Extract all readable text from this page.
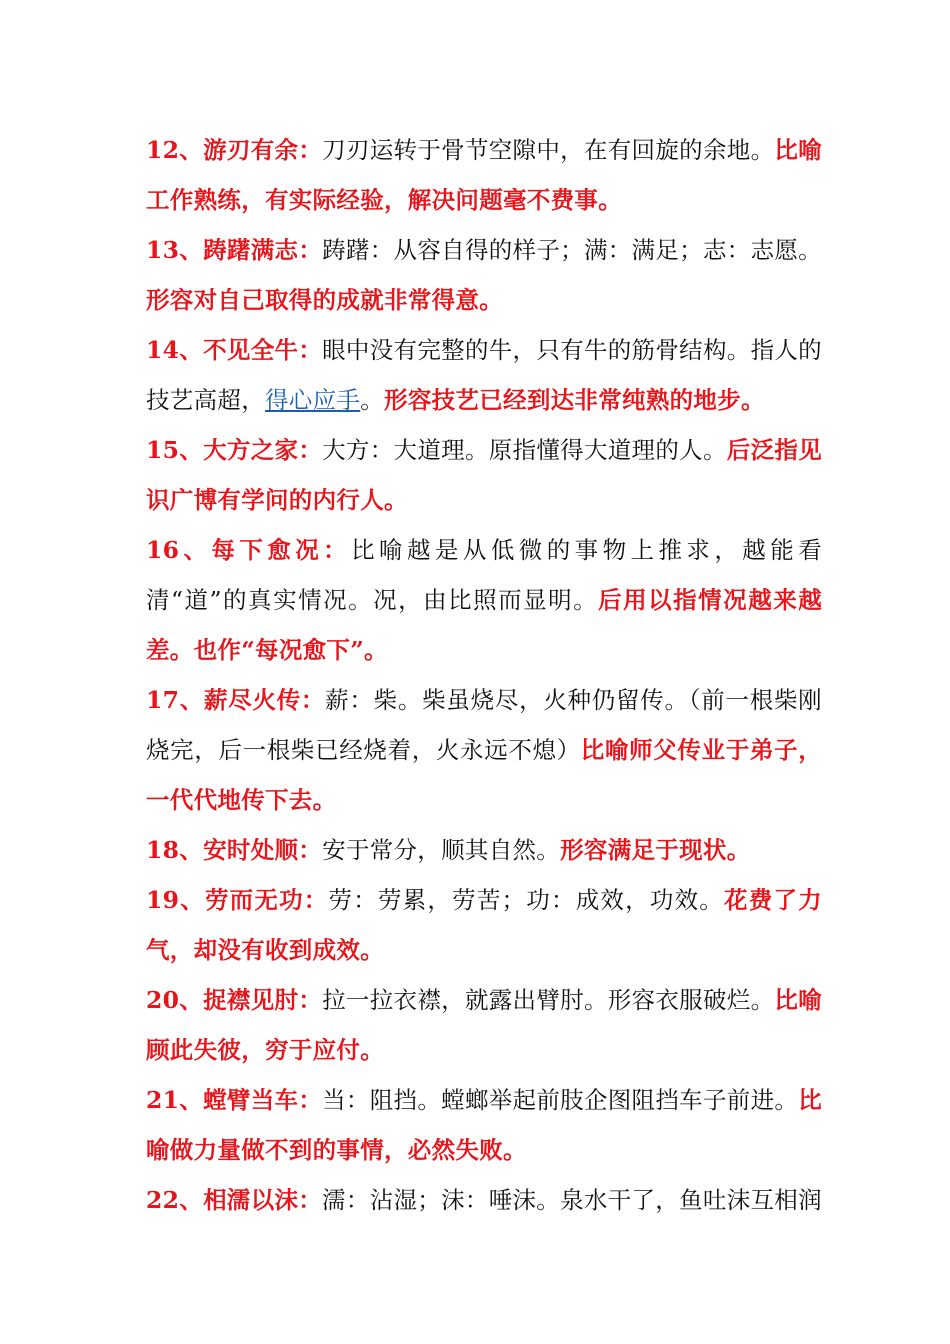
12、游刃有余：刀刃运转于骨节空隙中，在有回旋的余地。比喻工作熟练，有实际经验，解决问题毫不费事。

13、踌躇满志：踌躇：从容自得的样子；满：满足；志：志愿。形容对自己取得的成就非常得意。

14、不见全牛：眼中没有完整的牛，只有牛的筋骨结构。指人的技艺高超，得心应手。形容技艺已经到达非常纯熟的地步。

15、大方之家：大方：大道理。原指懂得大道理的人。后泛指见识广博有学问的内行人。

16、每下愈况：比喻越是从低微的事物上推求，越能看清“道”的真实情况。况，由比照而显明。后用以指情况越来越差。也作“每况愈下”。

17、薪尽火传：薪：柴。柴虽烧尽，火种仍留传。（前一根柴刚烧完，后一根柴已经烧着，火永远不熄）比喻师父传业于弟子，一代代地传下去。

18、安时处顺：安于常分，顺其自然。形容满足于现状。

19、劳而无功：劳：劳累，劳苦；功：成效，功效。花费了力气，却没有收到成效。

20、捉襟见肘：拉一拉衣襟，就露出臂肘。形容衣服破烂。比喻顾此失彼，穷于应付。

21、螳臂当车：当：阻挡。螳螂举起前肢企图阻挡车子前进。比喻做力量做不到的事情，必然失败。

22、相濡以沫：濡：沾湿；沫：唾沫。泉水干了，鱼吐沫互相润
